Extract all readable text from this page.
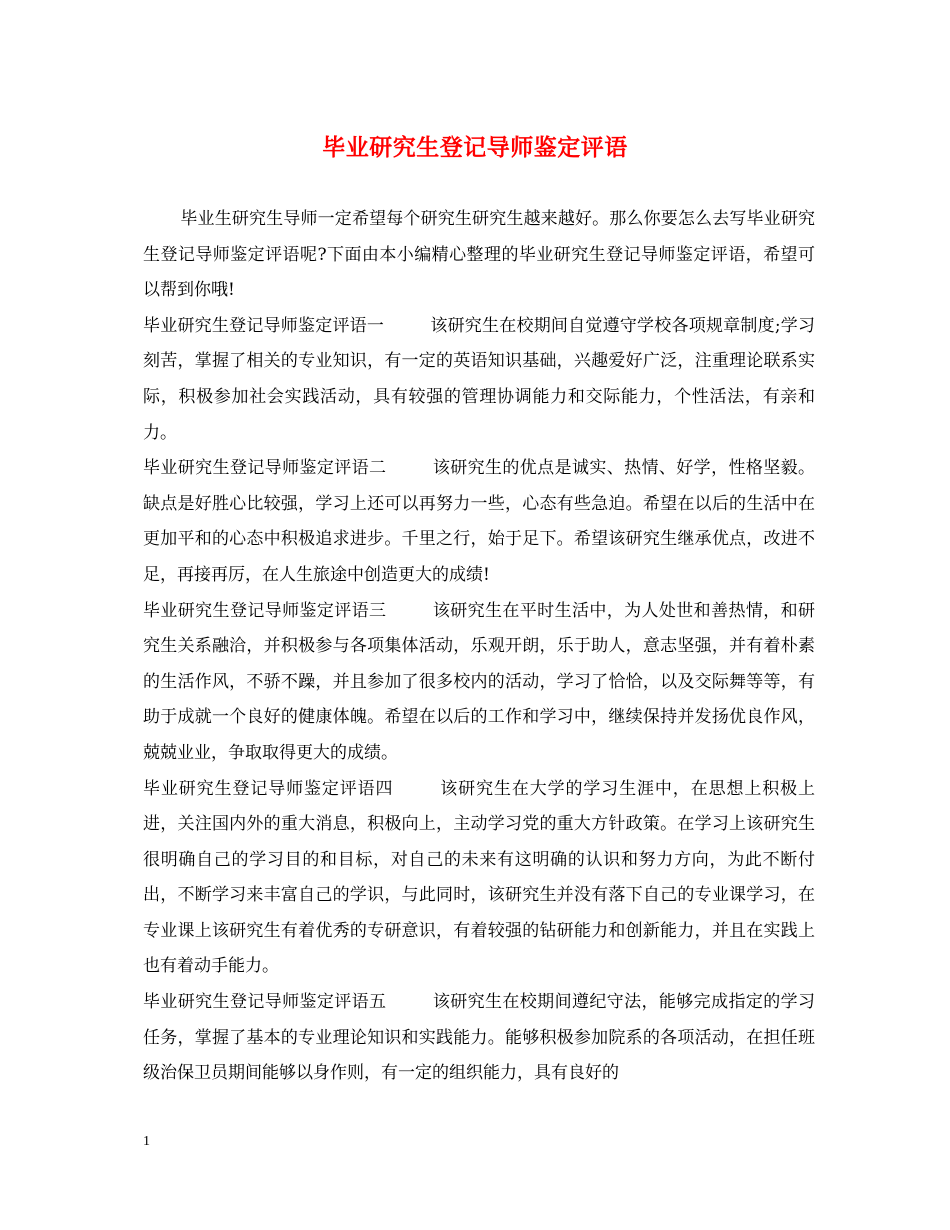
毕业研究生登记导师鉴定评语

毕业生研究生导师一定希望每个研究生研究生越来越好。那么你要怎么去写毕业研究生登记导师鉴定评语呢?下面由本小编精心整理的毕业研究生登记导师鉴定评语，希望可以帮到你哦!

毕业研究生登记导师鉴定评语一	该研究生在校期间自觉遵守学校各项规章制度;学习刻苦，掌握了相关的专业知识，有一定的英语知识基础，兴趣爱好广泛，注重理论联系实际，积极参加社会实践活动，具有较强的管理协调能力和交际能力，个性活法，有亲和力。

毕业研究生登记导师鉴定评语二	该研究生的优点是诚实、热情、好学，性格坚毅。缺点是好胜心比较强，学习上还可以再努力一些，心态有些急迫。希望在以后的生活中在更加平和的心态中积极追求进步。千里之行，始于足下。希望该研究生继承优点，改进不足，再接再厉，在人生旅途中创造更大的成绩!

毕业研究生登记导师鉴定评语三	该研究生在平时生活中，为人处世和善热情，和研究生关系融洽，并积极参与各项集体活动，乐观开朗，乐于助人，意志坚强，并有着朴素的生活作风，不骄不躁，并且参加了很多校内的活动，学习了恰恰，以及交际舞等等，有助于成就一个良好的健康体魄。希望在以后的工作和学习中，继续保持并发扬优良作风，兢兢业业，争取取得更大的成绩。

毕业研究生登记导师鉴定评语四	该研究生在大学的学习生涯中，在思想上积极上进，关注国内外的重大消息，积极向上，主动学习党的重大方针政策。在学习上该研究生很明确自己的学习目的和目标，对自己的未来有这明确的认识和努力方向，为此不断付出，不断学习来丰富自己的学识，与此同时，该研究生并没有落下自己的专业课学习，在专业课上该研究生有着优秀的专研意识，有着较强的钻研能力和创新能力，并且在实践上也有着动手能力。

毕业研究生登记导师鉴定评语五	该研究生在校期间遵纪守法，能够完成指定的学习任务，掌握了基本的专业理论知识和实践能力。能够积极参加院系的各项活动，在担任班级治保卫员期间能够以身作则，有一定的组织能力，具有良好的

1
